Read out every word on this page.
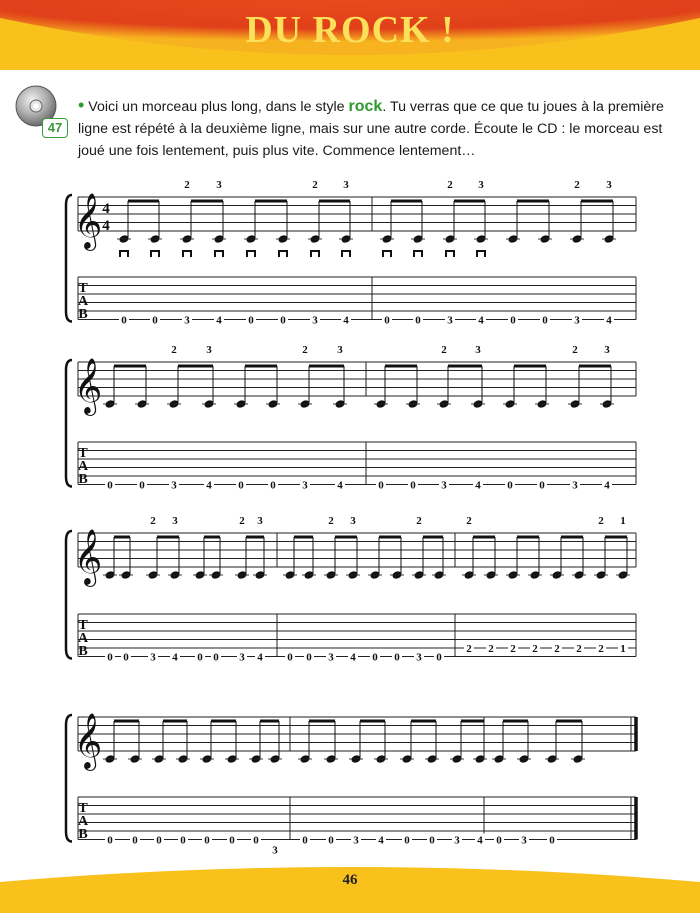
DU ROCK !
47
• Voici un morceau plus long, dans le style rock. Tu verras que ce que tu joues à la première ligne est répété à la deuxième ligne, mais sur une autre corde. Écoute le CD : le morceau est joué une fois lentement, puis plus vite. Commence lentement…
𝄞 4
4
T
A
B
2 3	2 3	2 3	2 3
0 0 3 4 0 0 3 4	0 0 3 4 0 0 3 4
𝄞
T
A
B
2	3	2	3	2	3	2 3
0 0 3	4 0 0 3	4	0 0 3	4 0 0	3 4
𝄞
T
A
B
2 3	2 3	2 3	2	2	2 1
0 0 3 4 0 0 3 4 0 0 3 4 0 0 3 0
2 2 2 2 2 2 2 1
𝄞
T
A
B 0 0 0 0 0 0 0
3
0 0 3 4 0 0 3 4 0 3 0
46
